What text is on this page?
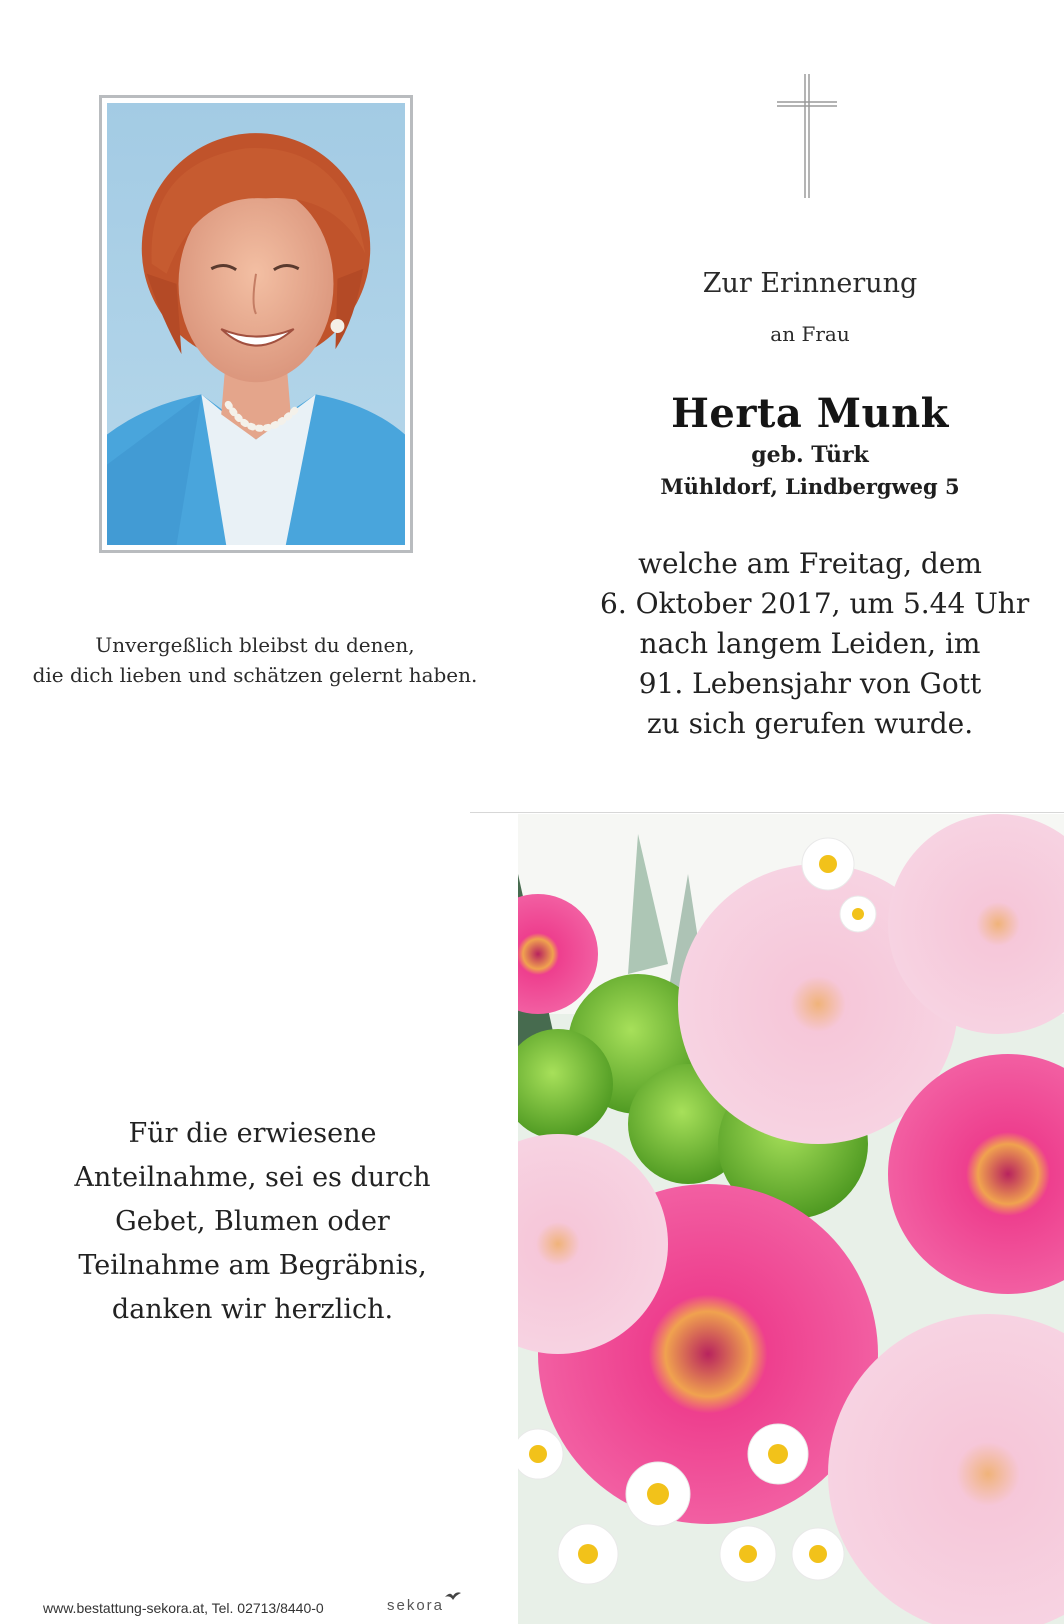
Unvergeßlich bleibst du denen,
die dich lieben und schätzen gelernt haben.
Zur Erinnerung
an Frau
Herta Munk
geb. Türk
Mühldorf, Lindbergweg 5
welche am Freitag, dem
6. Oktober 2017, um 5.44 Uhr
nach langem Leiden, im
91. Lebensjahr von Gott
zu sich gerufen wurde.
Für die erwiesene
Anteilnahme, sei es durch
Gebet, Blumen oder
Teilnahme am Begräbnis,
danken wir herzlich.
www.bestattung-sekora.at, Tel. 02713/8440-0	sekora
